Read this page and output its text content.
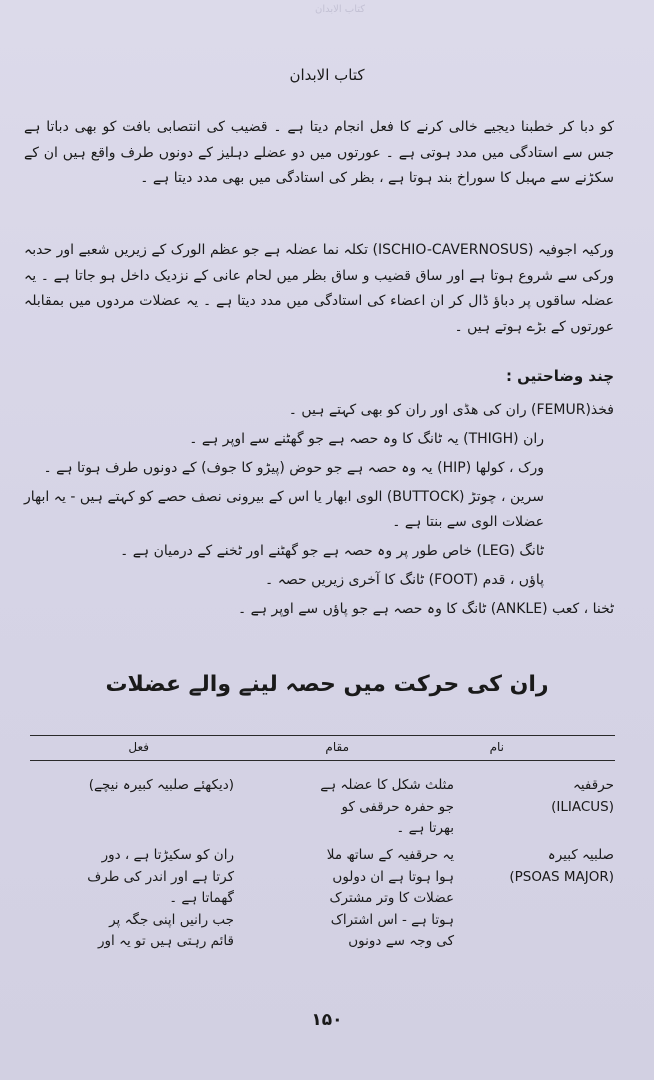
کتاب الابدان
کتاب الابدان
کو دبا کر خطبنا دیجیے خالی کرنے کا فعل انجام دیتا ہے ۔ قضیب کی انتصابی بافت کو بھی دباتا ہے جس سے استادگی میں مدد ہوتی ہے ۔ عورتوں میں دو عضلے دہلیز کے دونوں طرف واقع ہیں ان کے سکڑنے سے مہبل کا سوراخ بند ہوتا ہے ، بظر کی استادگی میں بھی مدد دیتا ہے ۔
ورکیہ اجوفیہ (ISCHIO-CAVERNOSUS) تکلہ نما عضلہ ہے جو عظم الورک کے زیریں شعبے اور حدبہ ورکی سے شروع ہوتا ہے اور ساق قضیب و ساق بظر میں لحام عانی کے نزدیک داخل ہو جاتا ہے ۔ یہ عضلہ ساقوں پر دباؤ ڈال کر ان اعضاء کی استادگی میں مدد دیتا ہے ۔ یہ عضلات مردوں میں بمقابلہ عورتوں کے بڑے ہوتے ہیں ۔
چند وضاحتیں :

فخذ(FEMUR) ران کی ھڈی اور ران کو بھی کہتے ہیں ۔

ران (THIGH) یہ ٹانگ کا وہ حصہ ہے جو گھٹنے سے اوپر ہے ۔

ورک ، کولھا (HIP) یہ وہ حصہ ہے جو حوض (پیڑو کا جوف) کے دونوں طرف ہوتا ہے ۔

سرین ، چوتڑ (BUTTOCK) الوی ابھار یا اس کے بیرونی نصف حصے کو کہتے ہیں - یہ ابھار عضلات الوی سے بنتا ہے ۔

ٹانگ (LEG) خاص طور پر وہ حصہ ہے جو گھٹنے اور ٹخنے کے درمیان ہے ۔

پاؤں ، قدم (FOOT) ٹانگ کا آخری زیریں حصہ ۔

ٹخنا ، کعب (ANKLE) ٹانگ کا وہ حصہ ہے جو پاؤں سے اوپر ہے ۔

ران کی حرکت میں حصہ لینے والے عضلات
نام
مقام
فعل
حرقفیہ
(ILIACUS)
مثلث شکل کا عضلہ ہے
جو حفرہ حرقفی کو
بھرتا ہے ۔
(دیکھئے صلبیہ کبیرہ نیچے)
صلبیہ کبیرہ
(PSOAS MAJOR)
یہ حرقفیہ کے ساتھ ملا
ہوا ہوتا ہے ان دولوں
عضلات کا وتر مشترک
ہوتا ہے - اس اشتراک
کی وجہ سے دونوں
ران کو سکیڑتا ہے ، دور
کرتا ہے اور اندر کی طرف
گھماتا ہے ۔
جب رانیں اپنی جگہ پر
قائم رہتی ہیں تو یہ اور
۱۵۰
